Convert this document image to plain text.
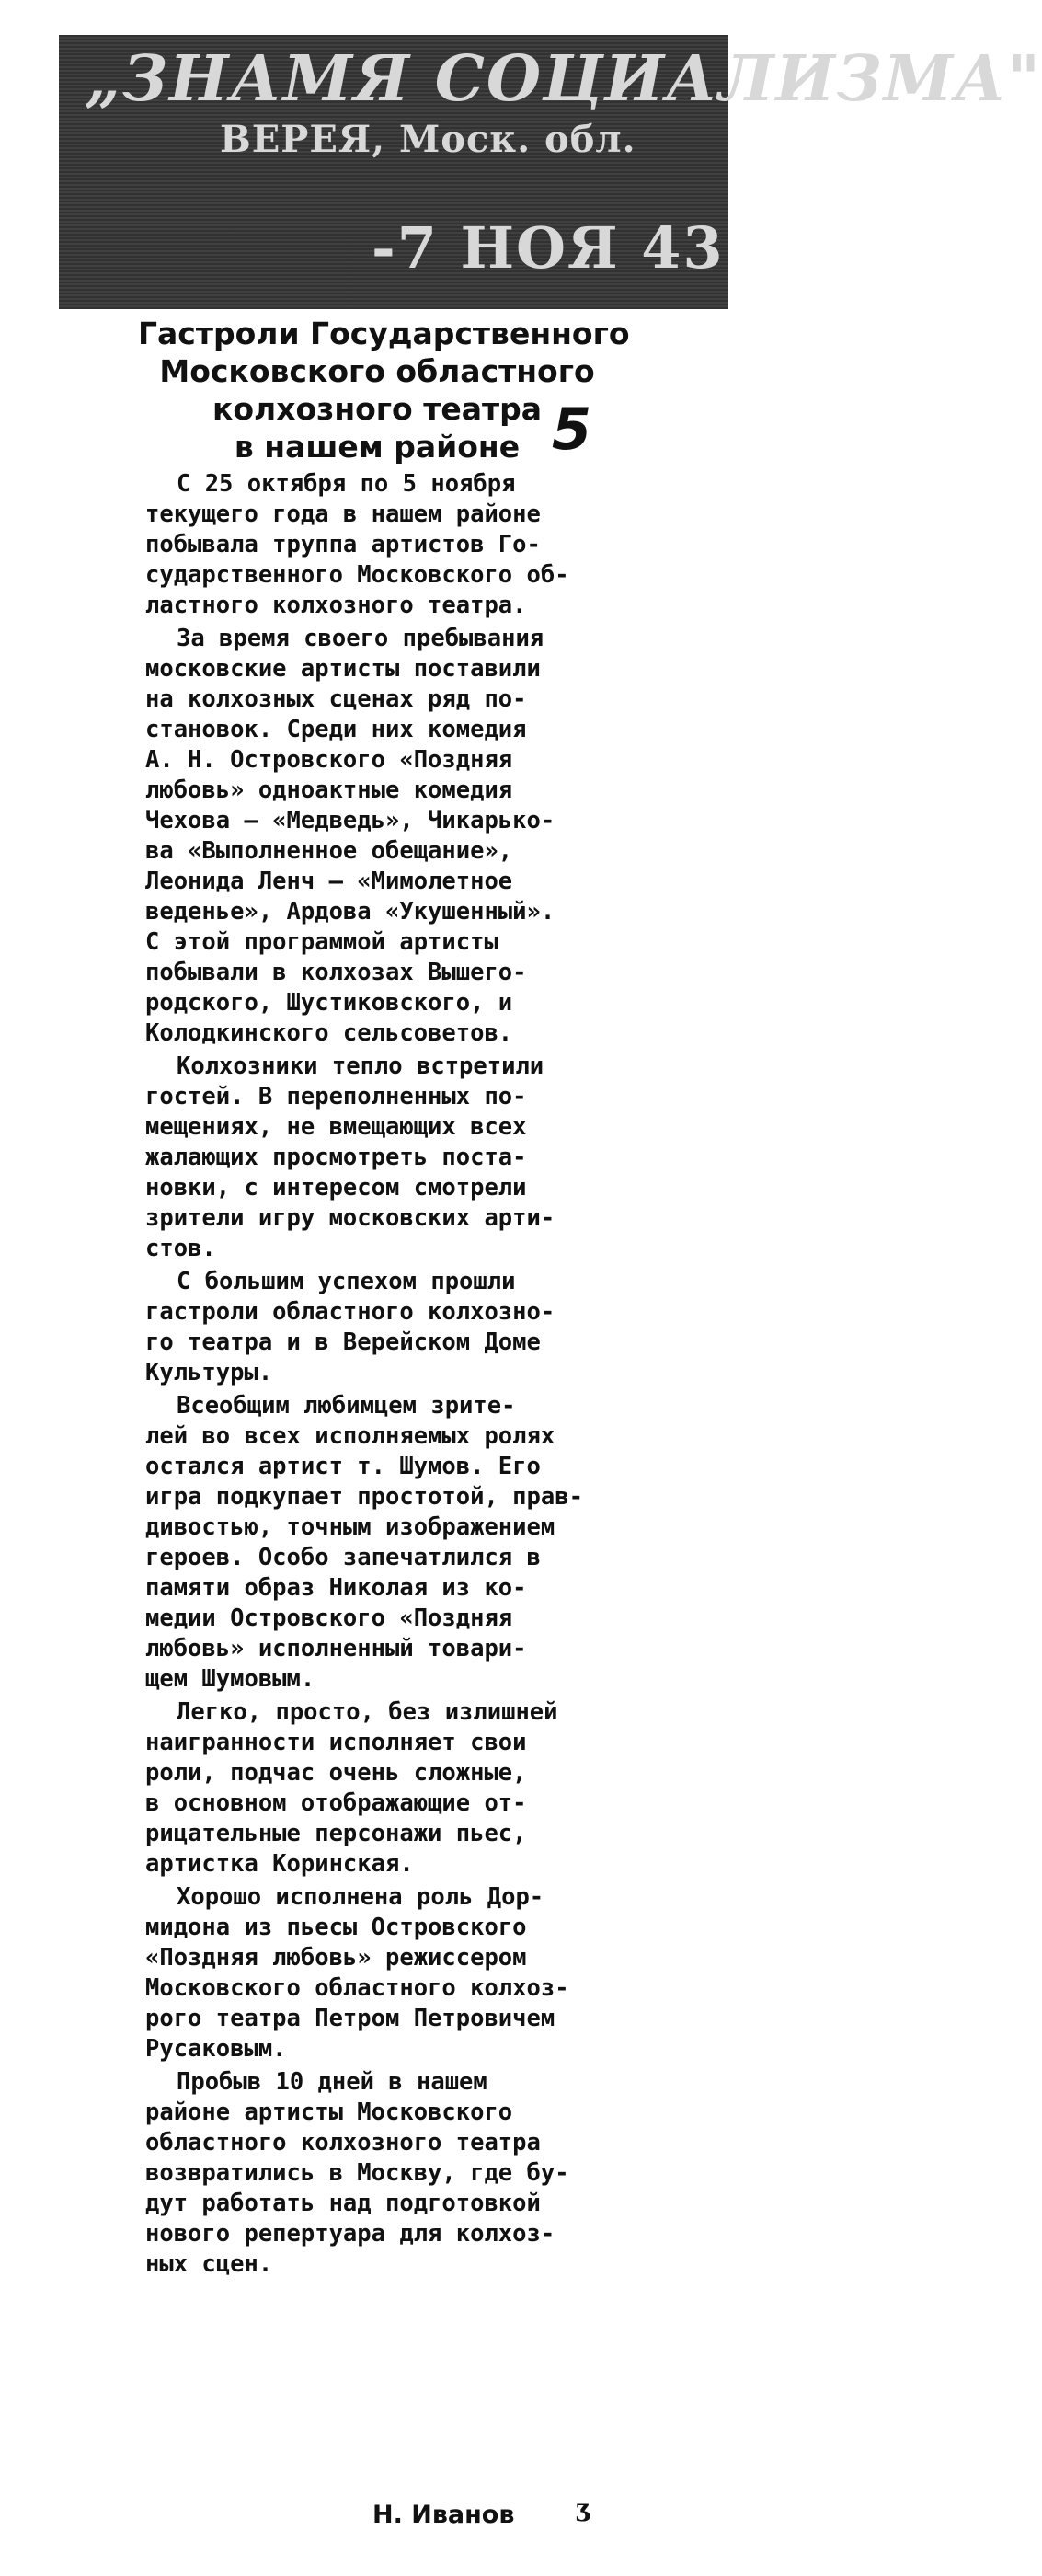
„ЗНАМЯ СОЦИАЛИЗМА"
ВЕРЕЯ, Моск. обл.
-7 НОЯ 43
Гастроли Государственного
Московского областного
колхозного театра
в нашем районе 5
С 25 октября по 5 ноября
текущего года в нашем районе
побывала труппа артистов Го-
сударственного Московского об-
ластного колхозного театра.
За время своего пребывания
московские артисты поставили
на колхозных сценах ряд по-
становок. Среди них комедия
А. Н. Островского «Поздняя
любовь» одноактные комедия
Чехова — «Медведь», Чикарько-
ва «Выполненное обещание»,
Леонида Ленч — «Мимолетное
веденье», Ардова «Укушенный».
С этой программой артисты
побывали в колхозах Вышего-
родского, Шустиковского, и
Колодкинского сельсоветов.
Колхозники тепло встретили
гостей. В переполненных по-
мещениях, не вмещающих всех
жалающих просмотреть поста-
новки, с интересом смотрели
зрители игру московских арти-
стов.
С большим успехом прошли
гастроли областного колхозно-
го театра и в Верейском Доме
Культуры.
Всеобщим любимцем зрите-
лей во всех исполняемых ролях
остался артист т. Шумов. Его
игра подкупает простотой, прав-
дивостью, точным изображением
героев. Особо запечатлился в
памяти образ Николая из ко-
медии Островского «Поздняя
любовь» исполненный товари-
щем Шумовым.
Легко, просто, без излишней
наигранности исполняет свои
роли, подчас очень сложные,
в основном отображающие от-
рицательные персонажи пьес,
артистка Коринская.
Хорошо исполнена роль Дор-
мидона из пьесы Островского
«Поздняя любовь» режиссером
Московского областного колхоз-
рого театра Петром Петровичем
Русаковым.
Пробыв 10 дней в нашем
районе артисты Московского
областного колхозного театра
возвратились в Москву, где бу-
дут работать над подготовкой
нового репертуара для колхоз-
ных сцен.
Н. Иванов	ʒ
